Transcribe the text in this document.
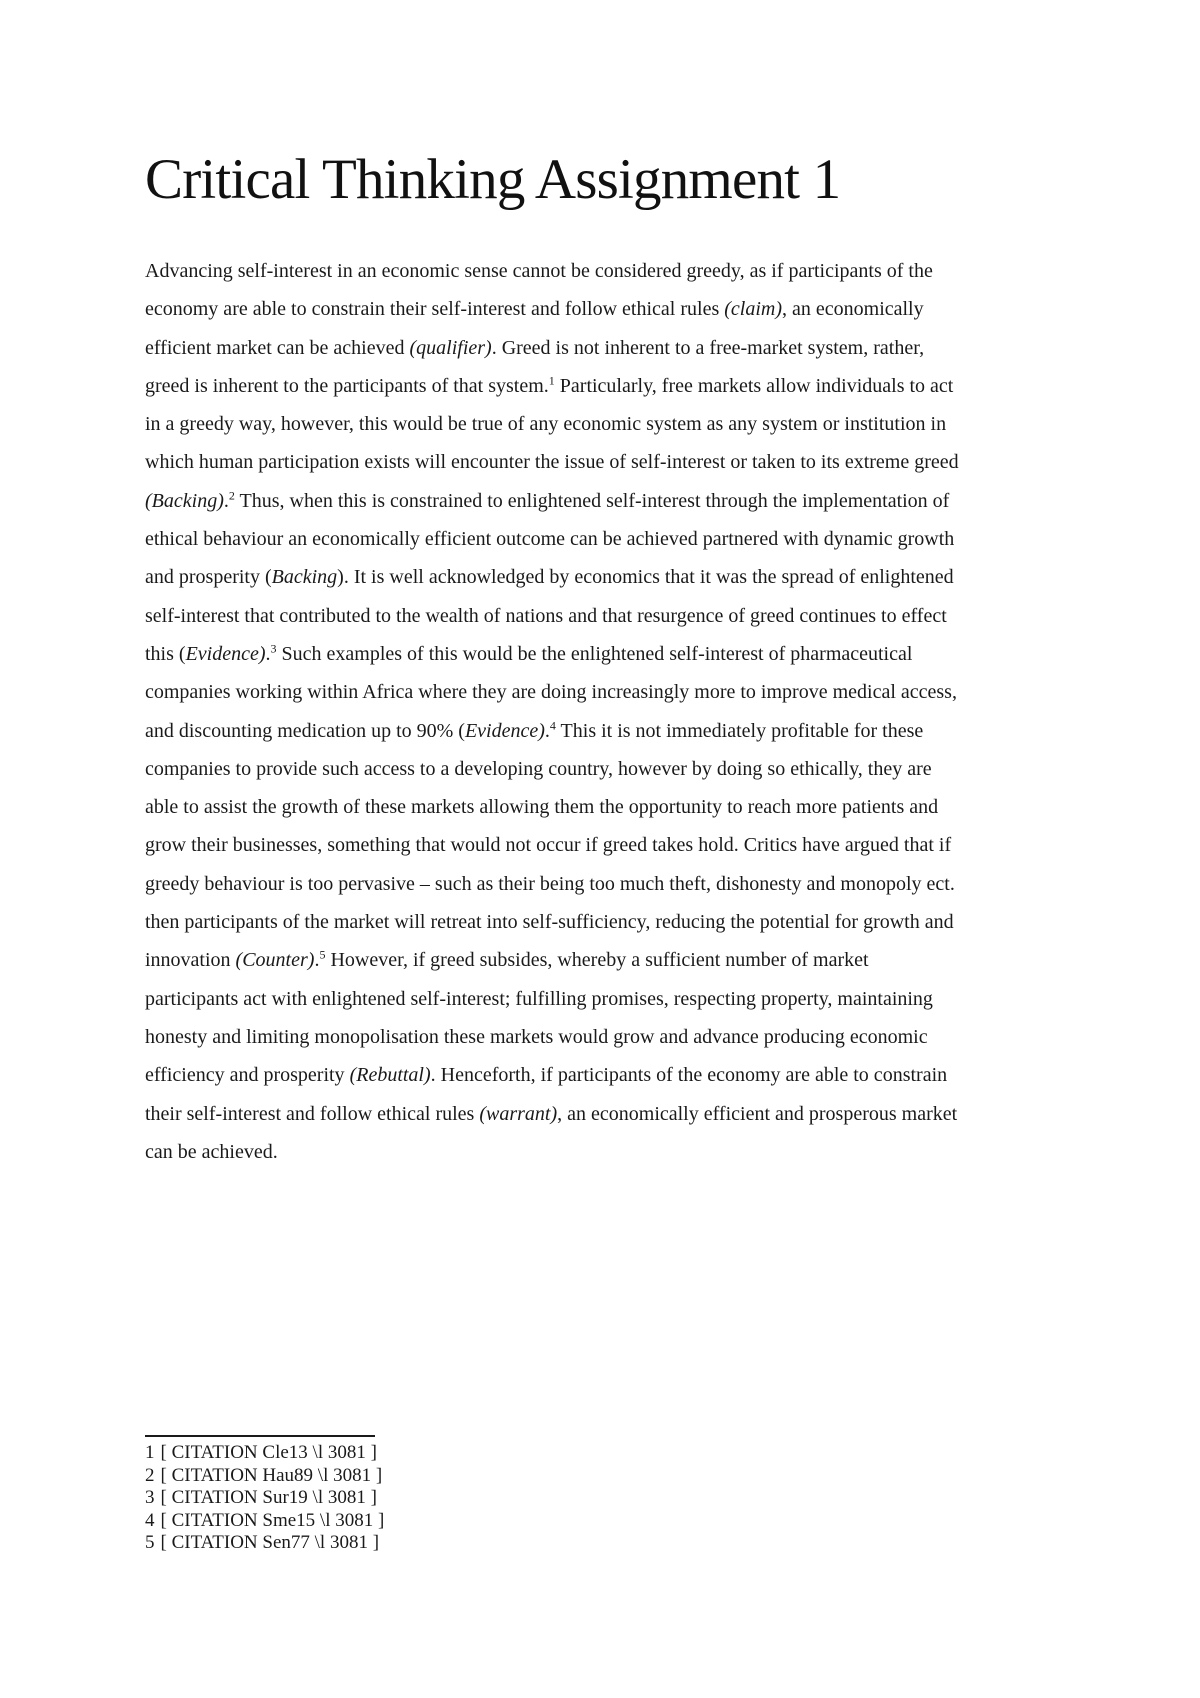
Critical Thinking Assignment 1
Advancing self-interest in an economic sense cannot be considered greedy, as if participants of the
economy are able to constrain their self-interest and follow ethical rules (claim), an economically
efficient market can be achieved (qualifier). Greed is not inherent to a free-market system, rather,
greed is inherent to the participants of that system.$^1$ Particularly, free markets allow individuals to act
in a greedy way, however, this would be true of any economic system as any system or institution in
which human participation exists will encounter the issue of self-interest or taken to its extreme greed
(Backing).$^2$ Thus, when this is constrained to enlightened self-interest through the implementation of
ethical behaviour an economically efficient outcome can be achieved partnered with dynamic growth
and prosperity (Backing). It is well acknowledged by economics that it was the spread of enlightened
self-interest that contributed to the wealth of nations and that resurgence of greed continues to effect
this (Evidence).$^3$ Such examples of this would be the enlightened self-interest of pharmaceutical
companies working within Africa where they are doing increasingly more to improve medical access,
and discounting medication up to 90% (Evidence).$^4$ This it is not immediately profitable for these
companies to provide such access to a developing country, however by doing so ethically, they are
able to assist the growth of these markets allowing them the opportunity to reach more patients and
grow their businesses, something that would not occur if greed takes hold. Critics have argued that if
greedy behaviour is too pervasive – such as their being too much theft, dishonesty and monopoly ect.
then participants of the market will retreat into self-sufficiency, reducing the potential for growth and
innovation (Counter).$^5$ However, if greed subsides, whereby a sufficient number of market
participants act with enlightened self-interest; fulfilling promises, respecting property, maintaining
honesty and limiting monopolisation these markets would grow and advance producing economic
efficiency and prosperity (Rebuttal). Henceforth, if participants of the economy are able to constrain
their self-interest and follow ethical rules (warrant), an economically efficient and prosperous market
can be achieved.
1 [ CITATION Cle13 \l 3081 ]
2 [ CITATION Hau89 \l 3081 ]
3 [ CITATION Sur19 \l 3081 ]
4 [ CITATION Sme15 \l 3081 ]
5 [ CITATION Sen77 \l 3081 ]
